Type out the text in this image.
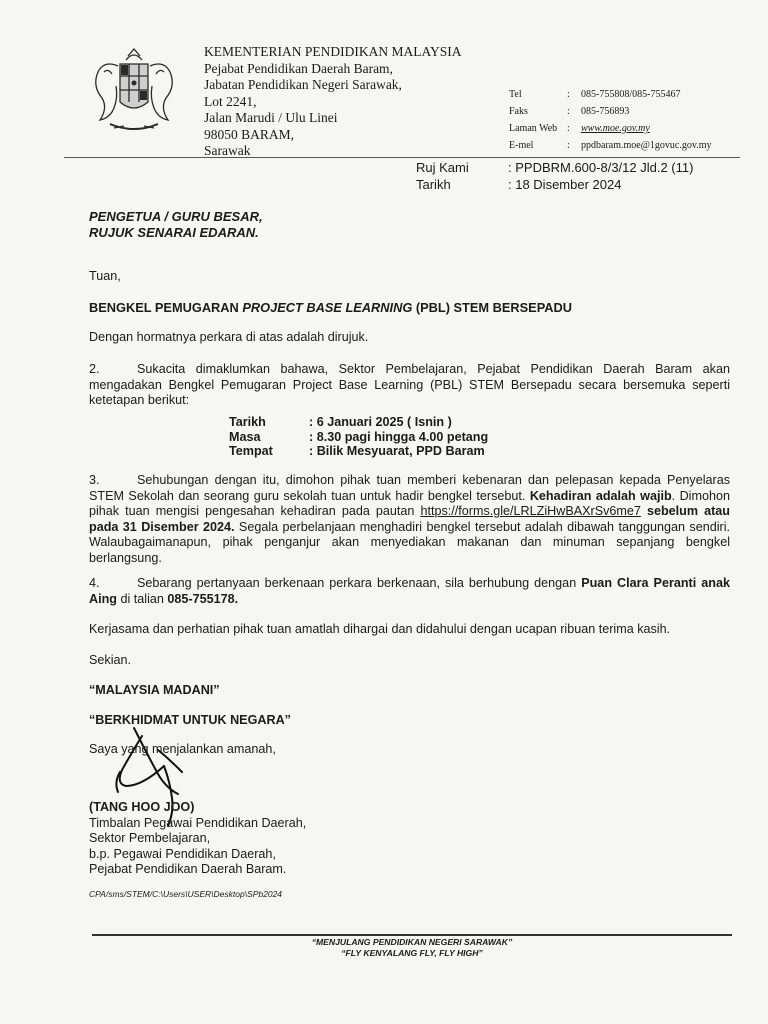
KEMENTERIAN PENDIDIKAN MALAYSIA
Pejabat Pendidikan Daerah Baram,
Jabatan Pendidikan Negeri Sarawak,
Lot 2241,
Jalan Marudi / Ulu Linei
98050 BARAM,
Sarawak
Tel	:	085-755808/085-755467
Faks	:	085-756893
Laman Web :	www.moe.gov.my
E-mel	:	ppdbaram.moe@1govuc.gov.my
Ruj Kami	: PPDBRM.600-8/3/12 Jld.2 (11)
Tarikh	: 18 Disember 2024
PENGETUA / GURU BESAR,
RUJUK SENARAI EDARAN.
Tuan,
BENGKEL PEMUGARAN PROJECT BASE LEARNING (PBL) STEM BERSEPADU
Dengan hormatnya perkara di atas adalah dirujuk.
2.	Sukacita dimaklumkan bahawa, Sektor Pembelajaran, Pejabat Pendidikan Daerah Baram akan mengadakan Bengkel Pemugaran Project Base Learning (PBL) STEM Bersepadu secara bersemuka seperti ketetapan berikut:
Tarikh	: 6 Januari 2025 ( Isnin )
Masa	: 8.30 pagi hingga 4.00 petang
Tempat	: Bilik Mesyuarat, PPD Baram
3.	Sehubungan dengan itu, dimohon pihak tuan memberi kebenaran dan pelepasan kepada Penyelaras STEM Sekolah dan seorang guru sekolah tuan untuk hadir bengkel tersebut. Kehadiran adalah wajib. Dimohon pihak tuan mengisi pengesahan kehadiran pada pautan https://forms.gle/LRLZiHwBAXrSv6me7 sebelum atau pada 31 Disember 2024. Segala perbelanjaan menghadiri bengkel tersebut adalah dibawah tanggungan sendiri. Walaubagaimanapun, pihak penganjur akan menyediakan makanan dan minuman sepanjang bengkel berlangsung.
4.	Sebarang pertanyaan berkenaan perkara berkenaan, sila berhubung dengan Puan Clara Peranti anak Aing di talian 085-755178.
Kerjasama dan perhatian pihak tuan amatlah dihargai dan didahului dengan ucapan ribuan terima kasih.
Sekian.
“MALAYSIA MADANI”
“BERKHIDMAT UNTUK NEGARA”
Saya yang menjalankan amanah,
(TANG HOO JOO)
Timbalan Pegawai Pendidikan Daerah,
Sektor Pembelajaran,
b.p. Pegawai Pendidikan Daerah,
Pejabat Pendidikan Daerah Baram.
CPA/sms/STEM/C:\Users\USER\Desktop\SPb2024
“MENJULANG PENDIDIKAN NEGERI SARAWAK”
“FLY KENYALANG FLY, FLY HIGH”
